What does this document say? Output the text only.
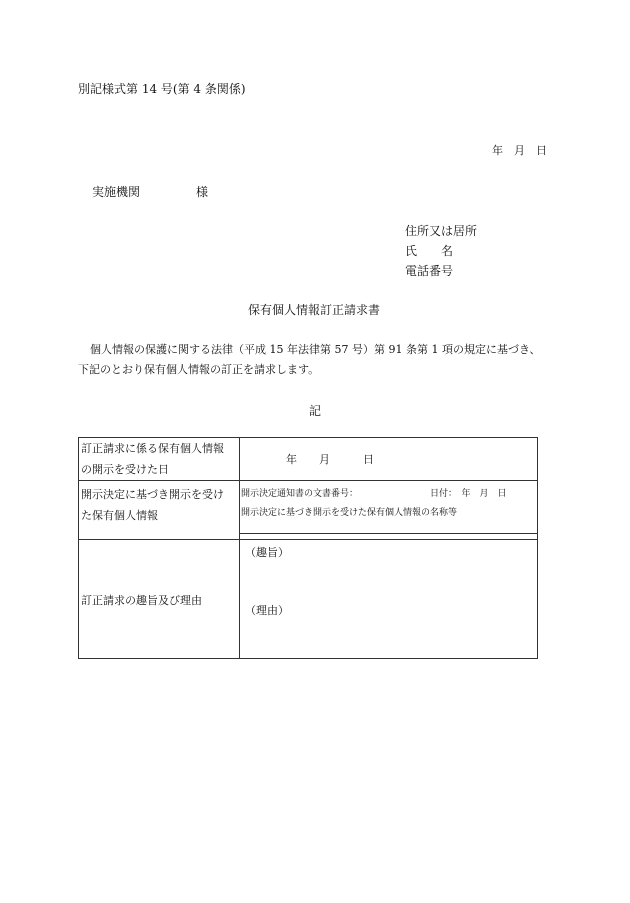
別記様式第 14 号(第 4 条関係)
年　月　日
実施機関	様
住所又は居所
氏　　名
電話番号
保有個人情報訂正請求書
個人情報の保護に関する法律（平成 15 年法律第 57 号）第 91 条第 1 項の規定に基づき、
下記のとおり保有個人情報の訂正を請求します。
記
訂正請求に係る保有個人情報
の開示を受けた日
年　　月　　　日
開示決定に基づき開示を受け
た保有個人情報
開示決定通知書の文書番号：	日付：　年　月　日
開示決定に基づき開示を受けた保有個人情報の名称等
訂正請求の趣旨及び理由
（趣旨）
（理由）
